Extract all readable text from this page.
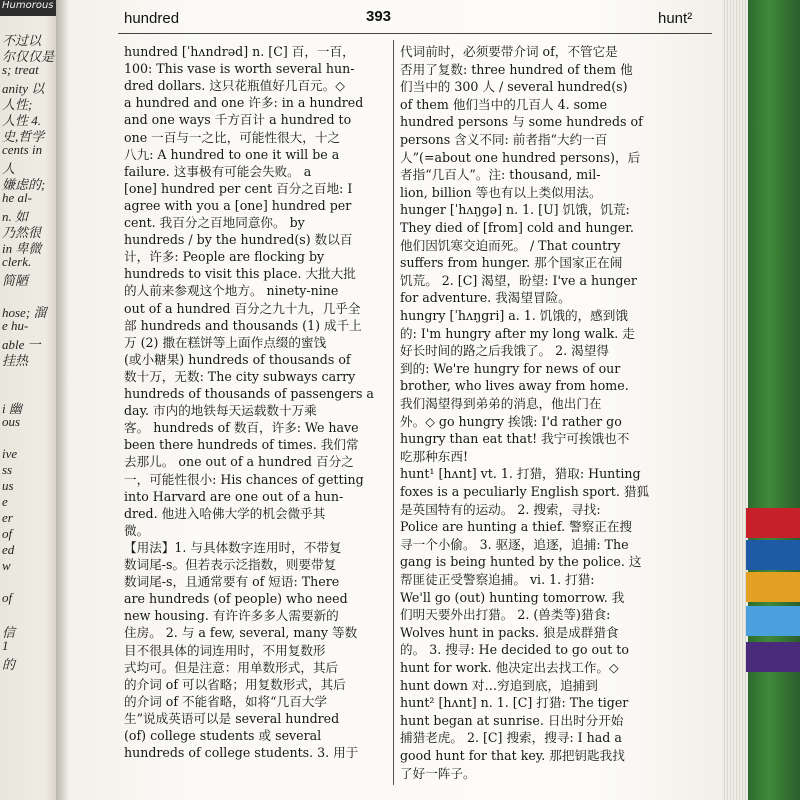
Humorous
不过以
尔仅仅是
s; treat
anity 以
人性;
人性 4.
史,哲学
cents in
人
嫌虑的;
he al-
n. 如
乃然很
in 卑微
clerk.
简陋
hose; 溜
e hu-
able 一
挂热
i 幽
ous
ive
ss
us
e
er
of
ed
w
of
信
1
的
hundred	393	hunt²
hundred [ˈhʌndrəd] n. [C] 百，一百，
100: This vase is worth several hun-
dred dollars. 这只花瓶值好几百元。◇
a hundred and one 许多: in a hundred
and one ways 千方百计 a hundred to
one 一百与一之比，可能性很大，十之
八九: A hundred to one it will be a
failure. 这事极有可能会失败。 a
[one] hundred per cent 百分之百地: I
agree with you a [one] hundred per
cent. 我百分之百地同意你。 by
hundreds / by the hundred(s) 数以百
计，许多: People are flocking by
hundreds to visit this place. 大批大批
的人前来参观这个地方。 ninety-nine
out of a hundred 百分之九十九，几乎全
部 hundreds and thousands (1) 成千上
万 (2) 撒在糕饼等上面作点缀的蜜饯
(或小糖果) hundreds of thousands of
数十万，无数: The city subways carry
hundreds of thousands of passengers a
day. 市内的地铁每天运载数十万乘
客。 hundreds of 数百，许多: We have
been there hundreds of times. 我们常
去那儿。 one out of a hundred 百分之
一，可能性很小: His chances of getting
into Harvard are one out of a hun-
dred. 他进入哈佛大学的机会微乎其
微。
【用法】1. 与具体数字连用时，不带复
数词尾-s。但若表示泛指数，则要带复
数词尾-s，且通常要有 of 短语: There
are hundreds (of people) who need
new housing. 有许许多多人需要新的
住房。 2. 与 a few, several, many 等数
目不很具体的词连用时，不用复数形
式均可。但是注意：用单数形式，其后
的介词 of 可以省略；用复数形式，其后
的介词 of 不能省略，如将“几百大学
生”说成英语可以是 several hundred
(of) college students 或 several
hundreds of college students. 3. 用于
代词前时，必须要带介词 of，不管它是
否用了复数: three hundred of them 他
们当中的 300 人 / several hundred(s)
of them 他们当中的几百人 4. some
hundred persons 与 some hundreds of
persons 含义不同: 前者指“大约一百
人”(=about one hundred persons)，后
者指“几百人”。注: thousand, mil-
lion, billion 等也有以上类似用法。
hunger [ˈhʌŋgə] n. 1. [U] 饥饿，饥荒:
They died of [from] cold and hunger.
他们因饥寒交迫而死。 / That country
suffers from hunger. 那个国家正在闹
饥荒。 2. [C] 渴望，盼望: I've a hunger
for adventure. 我渴望冒险。
hungry [ˈhʌŋgri] a. 1. 饥饿的，感到饿
的: I'm hungry after my long walk. 走
好长时间的路之后我饿了。 2. 渴望得
到的: We're hungry for news of our
brother, who lives away from home.
我们渴望得到弟弟的消息，他出门在
外。◇ go hungry 挨饿: I'd rather go
hungry than eat that! 我宁可挨饿也不
吃那种东西!
hunt¹ [hʌnt] vt. 1. 打猎，猎取: Hunting
foxes is a peculiarly English sport. 猎狐
是英国特有的运动。 2. 搜索，寻找:
Police are hunting a thief. 警察正在搜
寻一个小偷。 3. 驱逐，追逐，追捕: The
gang is being hunted by the police. 这
帮匪徒正受警察追捕。 vi. 1. 打猎:
We'll go (out) hunting tomorrow. 我
们明天要外出打猎。 2. (兽类等)猎食:
Wolves hunt in packs. 狼是成群猎食
的。 3. 搜寻: He decided to go out to
hunt for work. 他决定出去找工作。◇
hunt down 对…穷追到底，追捕到
hunt² [hʌnt] n. 1. [C] 打猎: The tiger
hunt began at sunrise. 日出时分开始
捕猎老虎。 2. [C] 搜索，搜寻: I had a
good hunt for that key. 那把钥匙我找
了好一阵子。
